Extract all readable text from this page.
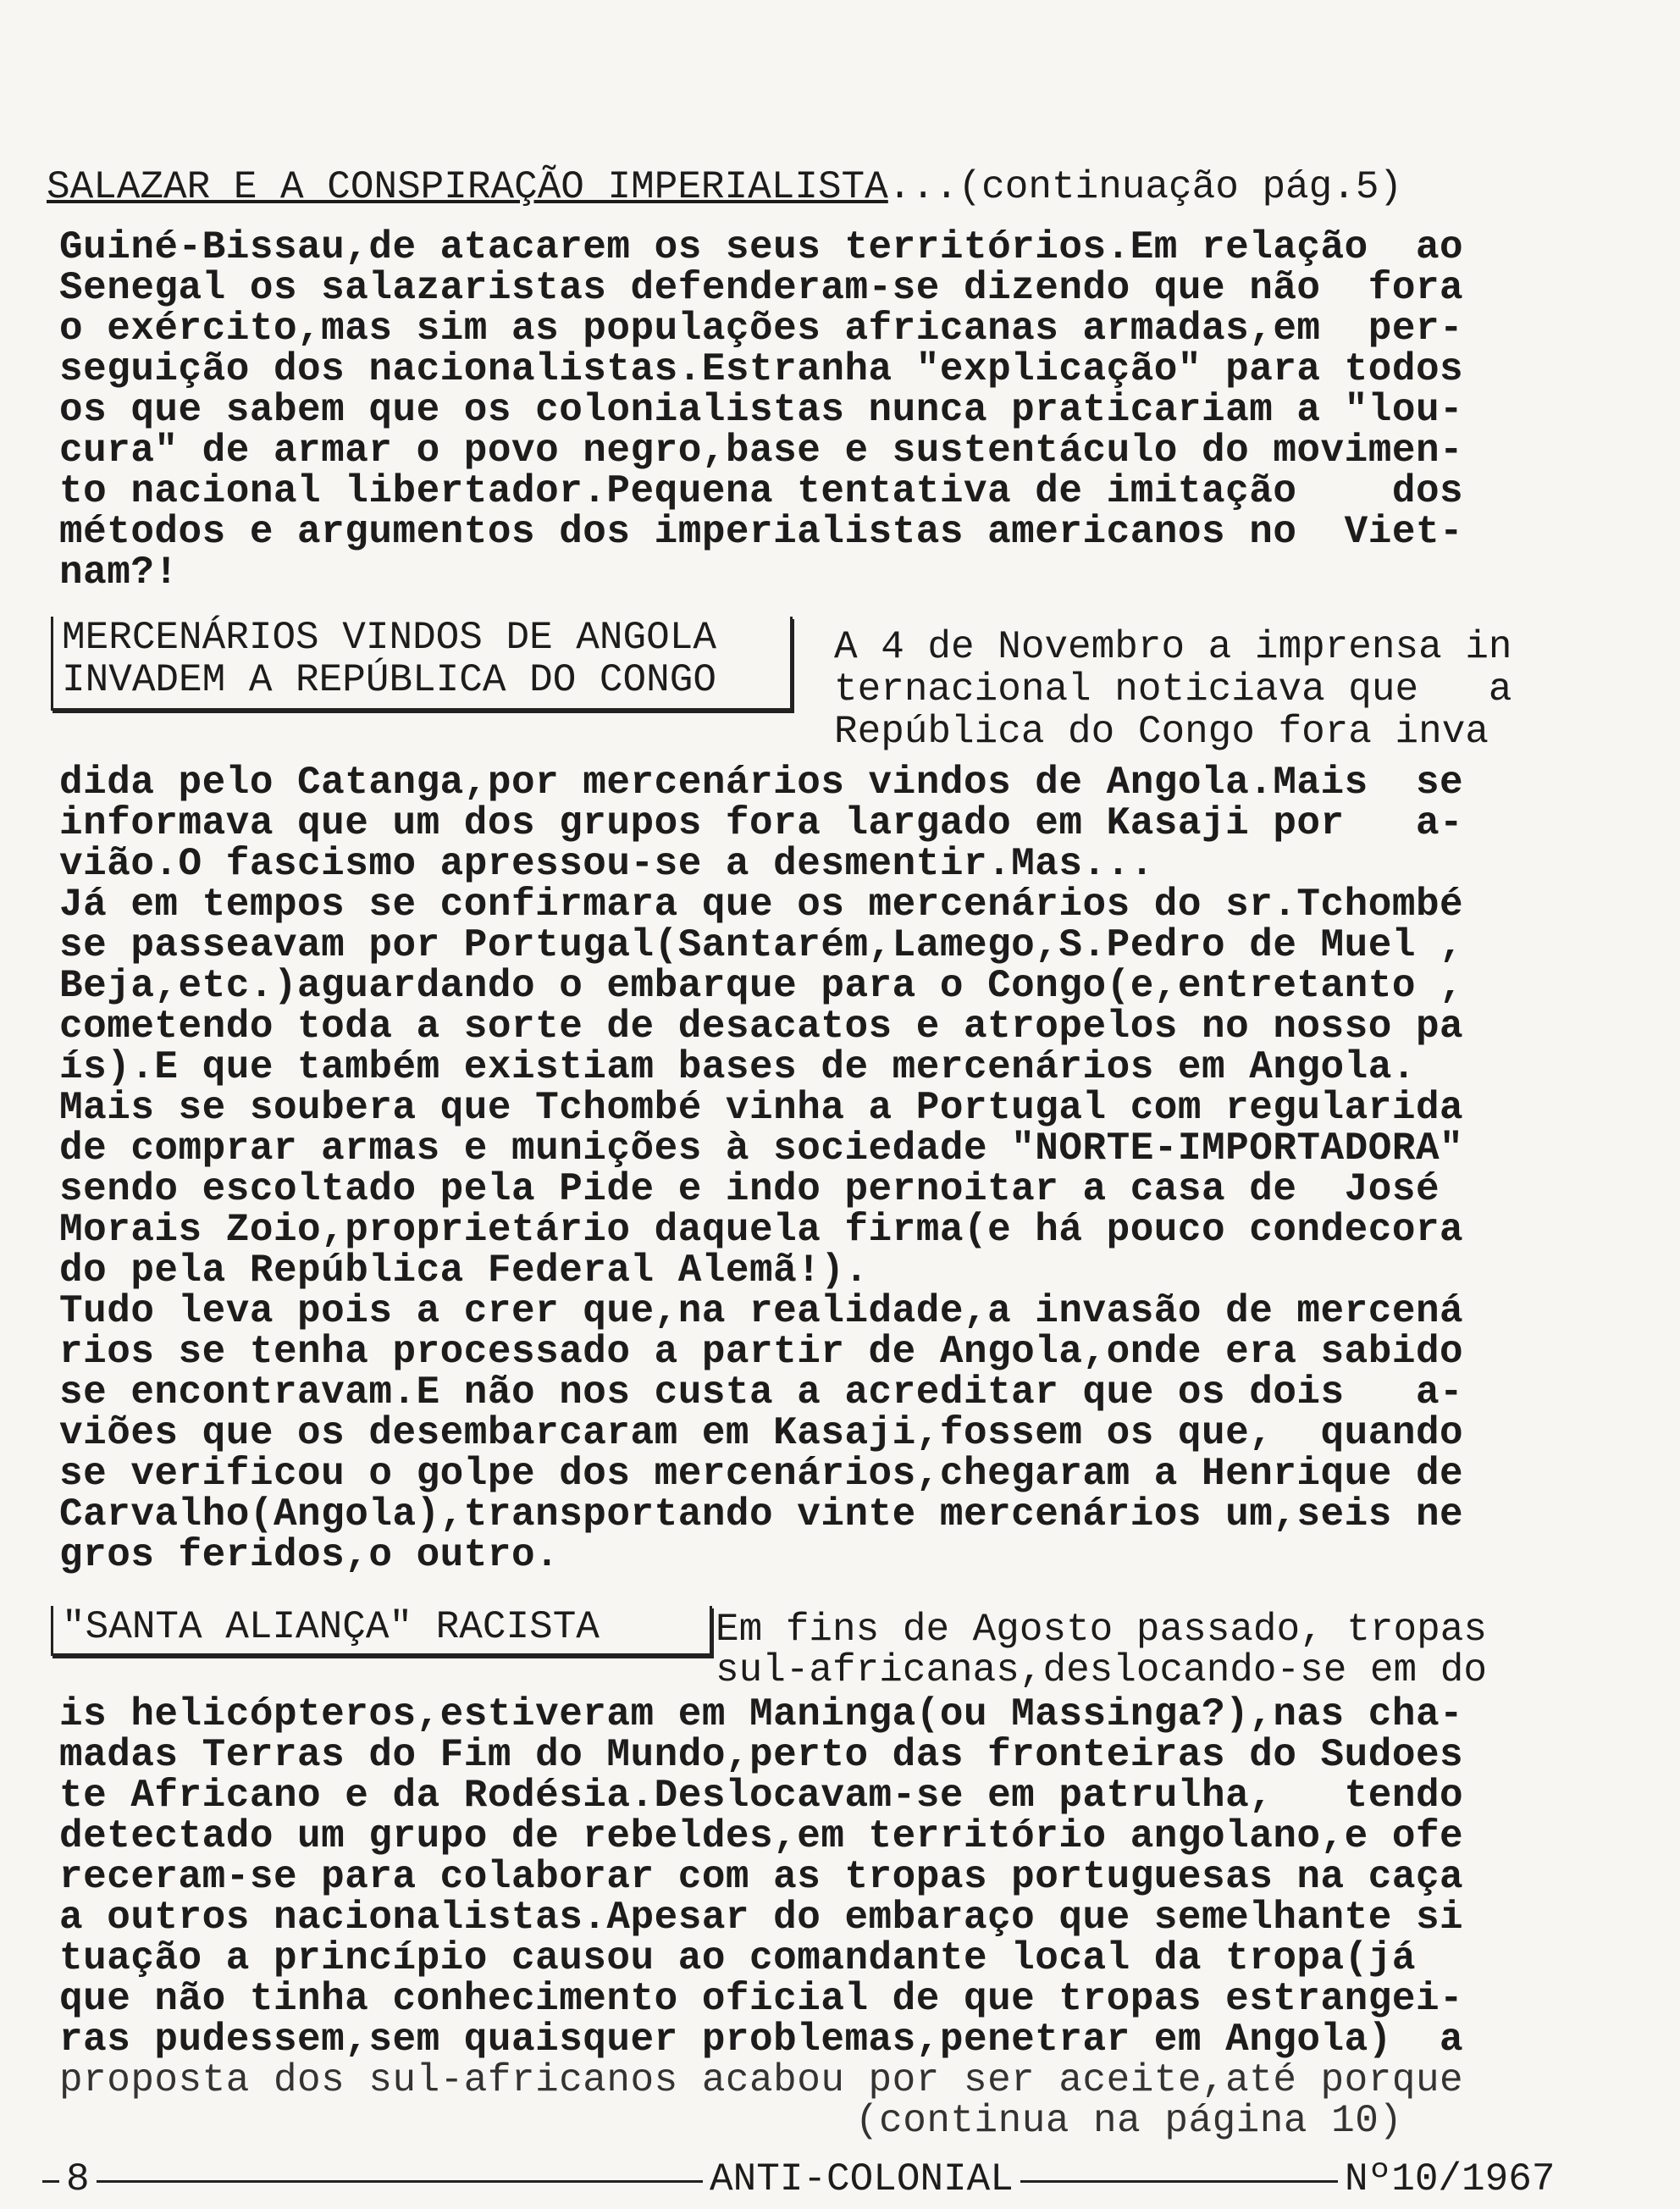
SALAZAR E A CONSPIRAÇÃO IMPERIALISTA...(continuação pág.5)
Guiné-Bissau,de atacarem os seus territórios.Em relação  ao
Senegal os salazaristas defenderam-se dizendo que não  fora
o exército,mas sim as populações africanas armadas,em  per-
seguição dos nacionalistas.Estranha "explicação" para todos
os que sabem que os colonialistas nunca praticariam a "lou-
cura" de armar o povo negro,base e sustentáculo do movimen-
to nacional libertador.Pequena tentativa de imitação    dos
métodos e argumentos dos imperialistas americanos no  Viet-
nam?!
MERCENÁRIOS VINDOS DE ANGOLA
INVADEM A REPÚBLICA DO CONGO
A 4 de Novembro a imprensa in
ternacional noticiava que   a
República do Congo fora inva
dida pelo Catanga,por mercenários vindos de Angola.Mais  se
informava que um dos grupos fora largado em Kasaji por   a-
vião.O fascismo apressou-se a desmentir.Mas...
Já em tempos se confirmara que os mercenários do sr.Tchombé
se passeavam por Portugal(Santarém,Lamego,S.Pedro de Muel ,
Beja,etc.)aguardando o embarque para o Congo(e,entretanto ,
cometendo toda a sorte de desacatos e atropelos no nosso pa
ís).E que também existiam bases de mercenários em Angola.
Mais se soubera que Tchombé vinha a Portugal com regularida
de comprar armas e munições à sociedade "NORTE-IMPORTADORA"
sendo escoltado pela Pide e indo pernoitar a casa de  José
Morais Zoio,proprietário daquela firma(e há pouco condecora
do pela República Federal Alemã!).
Tudo leva pois a crer que,na realidade,a invasão de mercená
rios se tenha processado a partir de Angola,onde era sabido
se encontravam.E não nos custa a acreditar que os dois   a-
viões que os desembarcaram em Kasaji,fossem os que,  quando
se verificou o golpe dos mercenários,chegaram a Henrique de
Carvalho(Angola),transportando vinte mercenários um,seis ne
gros feridos,o outro.
"SANTA ALIANÇA" RACISTA	Em fins de Agosto passado, tropas
sul-africanas,deslocando-se em do
is helicópteros,estiveram em Maninga(ou Massinga?),nas cha-
madas Terras do Fim do Mundo,perto das fronteiras do Sudoes
te Africano e da Rodésia.Deslocavam-se em patrulha,   tendo
detectado um grupo de rebeldes,em território angolano,e ofe
receram-se para colaborar com as tropas portuguesas na caça
a outros nacionalistas.Apesar do embaraço que semelhante si
tuação a princípio causou ao comandante local da tropa(já
que não tinha conhecimento oficial de que tropas estrangei-
ras pudessem,sem quaisquer problemas,penetrar em Angola)  a
proposta dos sul-africanos acabou por ser aceite,até porque
(continua na página 10)
8	ANTI-COLONIAL	Nº10/1967
